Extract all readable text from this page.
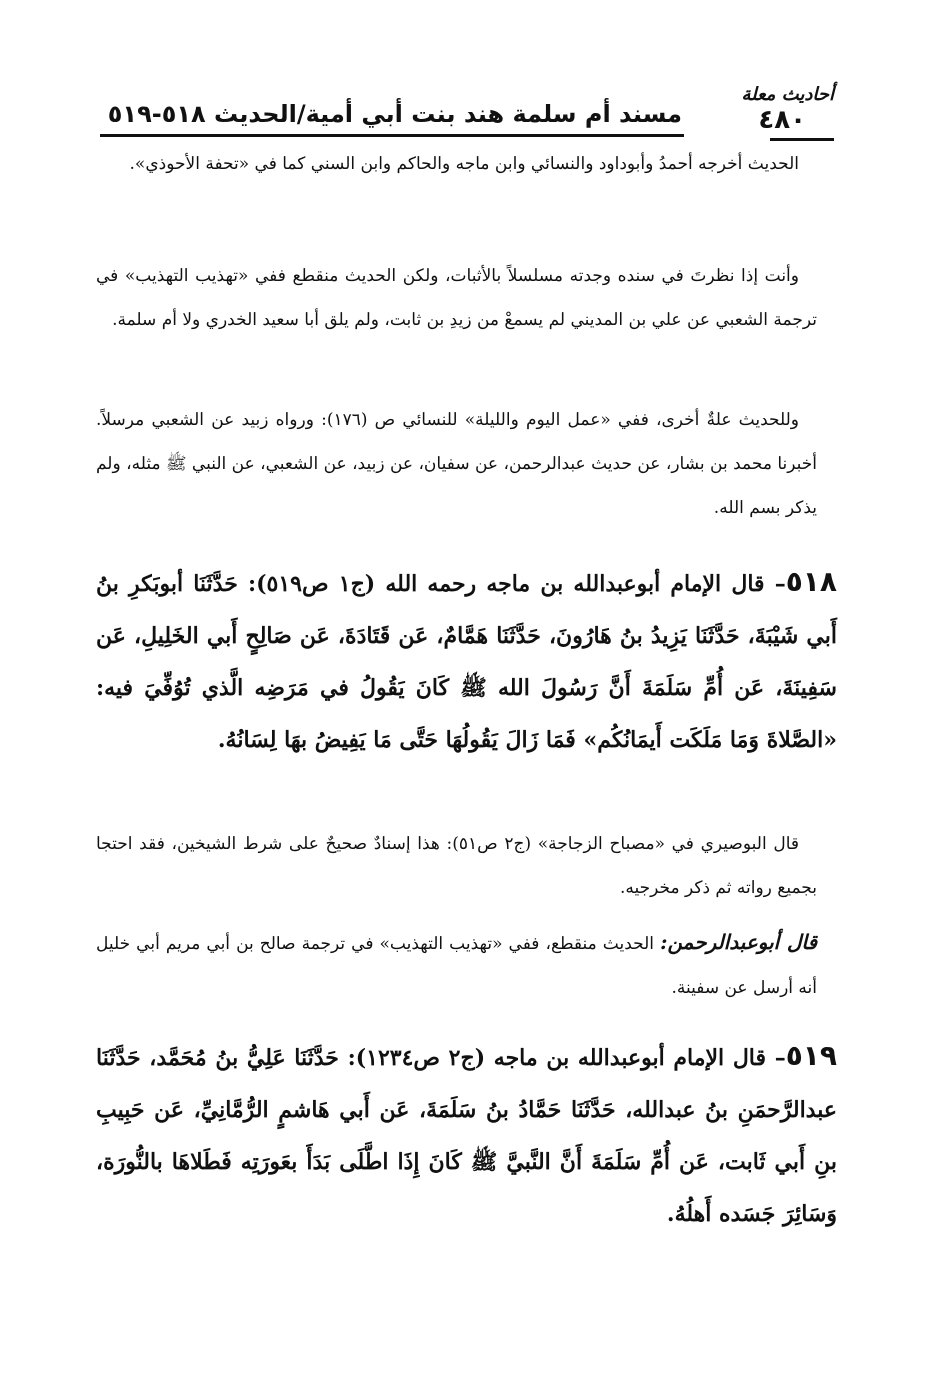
أحاديث معلة
٤٨٠
مسند أم سلمة هند بنت أبي أمية/الحديث ٥١٨-٥١٩

الحديث أخرجه أحمدُ وأبوداود والنسائي وابن ماجه والحاكم وابن السني كما في «تحفة الأحوذي».

وأنت إذا نظرتَ في سنده وجدته مسلسلاً بالأثبات، ولكن الحديث منقطع ففي «تهذيب التهذيب» في ترجمة الشعبي عن علي بن المديني لم يسمعْ من زيدِ بن ثابت، ولم يلق أبا سعيد الخدري ولا أم سلمة.

وللحديث علةٌ أخرى، ففي «عمل اليوم والليلة» للنسائي ص (١٧٦): ورواه زبيد عن الشعبي مرسلاً. أخبرنا محمد بن بشار، عن حديث عبدالرحمن، عن سفيان، عن زبيد، عن الشعبي، عن النبي ﷺ مثله، ولم يذكر بسم الله.

٥١٨– قال الإمام أبوعبدالله بن ماجه رحمه الله (ج١ ص٥١٩): حَدَّثَنَا أبوبَكرِ بنُ أَبي شَيْبَةَ، حَدَّثَنَا يَزِيدُ بنُ هَارُونَ، حَدَّثَنَا هَمَّامٌ، عَن قَتَادَةَ، عَن صَالِحٍ أَبي الخَلِيلِ، عَن سَفِينَةَ، عَن أُمِّ سَلَمَةَ أَنَّ رَسُولَ الله ﷺ كَانَ يَقُولُ في مَرَضِه الَّذي تُوُفِّيَ فيه: «الصَّلاةَ وَمَا مَلَكَت أَيمَانُكُم» فَمَا زَالَ يَقُولُهَا حَتَّى مَا يَفِيضُ بهَا لِسَانُهُ.

قال البوصيري في «مصباح الزجاجة» (ج٢ ص٥١): هذا إسنادٌ صحيحٌ على شرط الشيخين، فقد احتجا بجميع رواته ثم ذكر مخرجيه.

قال أبوعبدالرحمن: الحديث منقطع، ففي «تهذيب التهذيب» في ترجمة صالح بن أبي مريم أبي خليل أنه أرسل عن سفينة.

٥١٩– قال الإمام أبوعبدالله بن ماجه (ج٢ ص١٢٣٤): حَدَّثَنَا عَلِيُّ بنُ مُحَمَّد، حَدَّثَنَا عبدالرَّحمَنِ بنُ عبدالله، حَدَّثَنَا حَمَّادُ بنُ سَلَمَةَ، عَن أَبي هَاشمٍ الرُّمَّانِيِّ، عَن حَبِيبِ بنِ أَبي ثَابت، عَن أُمِّ سَلَمَةَ أَنَّ النَّبيَّ ﷺ كَانَ إِذَا اطَّلَى بَدَأَ بعَورَتِه فَطَلاهَا بالنُّورَة، وَسَائِرَ جَسَده أَهلُهُ.
